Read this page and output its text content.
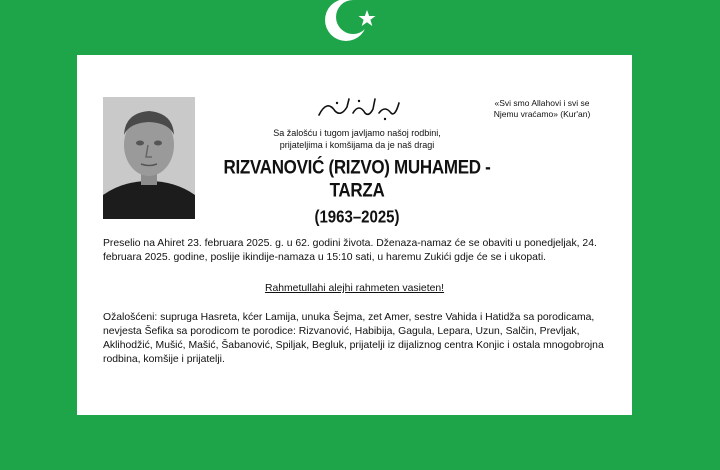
Sa žalošću i tugom javljamo našoj rodbini,
prijateljima i komšijama da je naš dragi
RIZVANOVIĆ (RIZVO) MUHAMED - TARZA
(1963–2025)
«Svi smo Allahovi i svi se
Njemu vraćamo» (Kur'an)
Preselio na Ahiret 23. februara 2025. g. u 62. godini života. Dženaza-namaz će se obaviti u ponedjeljak, 24. februara 2025. godine, poslije ikindije-namaza u 15:10 sati, u haremu Zukići gdje će se i ukopati.
Rahmetullahi alejhi rahmeten vasieten!
Ožalošćeni: supruga Hasreta, kćer Lamija, unuka Šejma, zet Amer, sestre Vahida i Hatidža sa porodicama, nevjesta Šefika sa porodicom te porodice: Rizvanović, Habibija, Gagula, Lepara, Uzun, Salčin, Prevljak, Aklihodžić, Mušić, Mašić, Šabanović, Spiljak, Begluk, prijatelji iz dijaliznog centra Konjic i ostala mnogobrojna rodbina, komšije i prijatelji.
